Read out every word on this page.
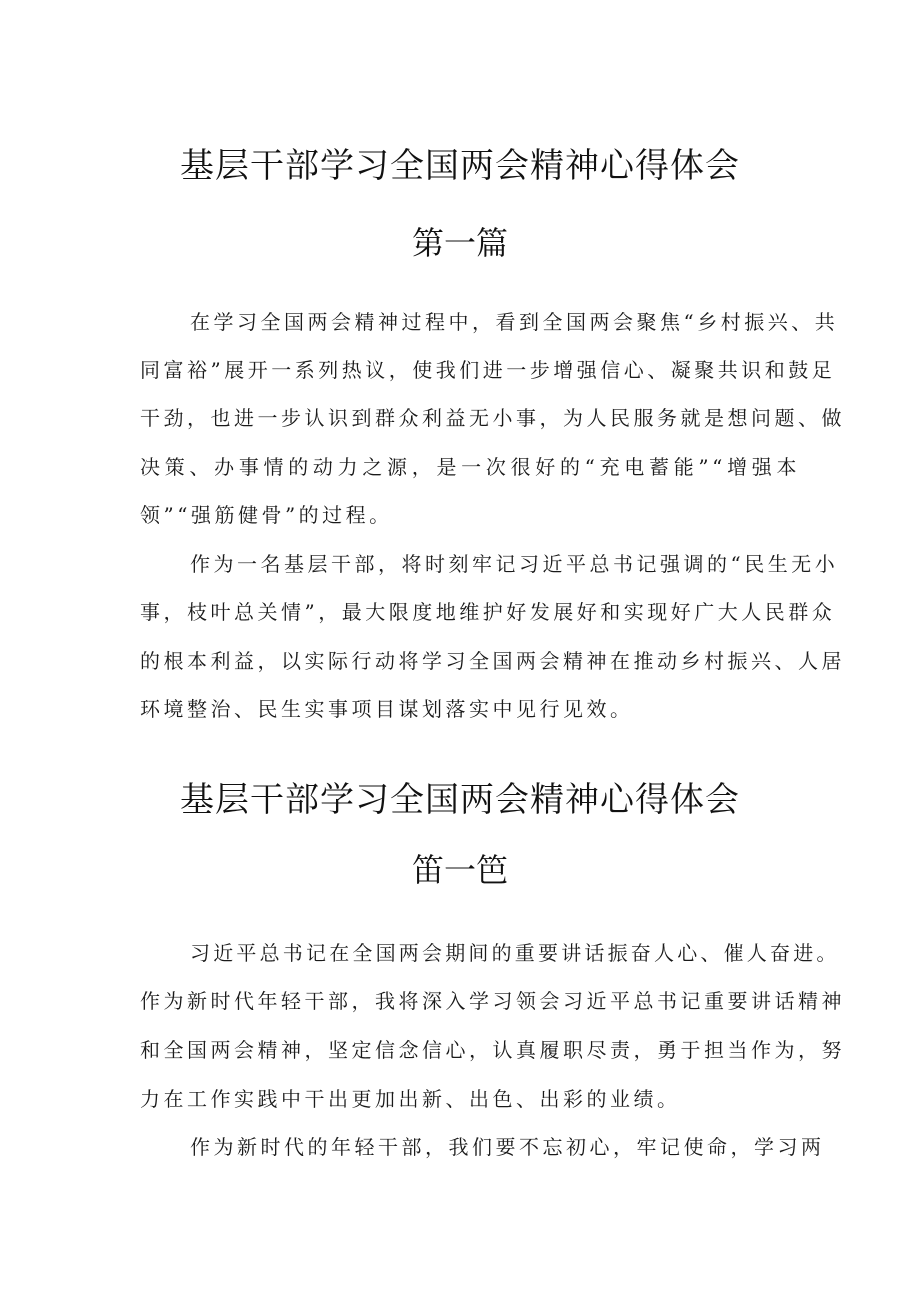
基层干部学习全国两会精神心得体会
第一篇
在学习全国两会精神过程中，看到全国两会聚焦“乡村振兴、共
同富裕”展开一系列热议，使我们进一步增强信心、凝聚共识和鼓足
干劲，也进一步认识到群众利益无小事，为人民服务就是想问题、做
决策、办事情的动力之源，是一次很好的“充电蓄能”“增强本
领”“强筋健骨”的过程。
作为一名基层干部，将时刻牢记习近平总书记强调的“民生无小
事，枝叶总关情”，最大限度地维护好发展好和实现好广大人民群众
的根本利益，以实际行动将学习全国两会精神在推动乡村振兴、人居
环境整治、民生实事项目谋划落实中见行见效。
基层干部学习全国两会精神心得体会
笛一笆
习近平总书记在全国两会期间的重要讲话振奋人心、催人奋进。
作为新时代年轻干部，我将深入学习领会习近平总书记重要讲话精神
和全国两会精神，坚定信念信心，认真履职尽责，勇于担当作为，努
力在工作实践中干出更加出新、出色、出彩的业绩。
作为新时代的年轻干部，我们要不忘初心，牢记使命，学习两
